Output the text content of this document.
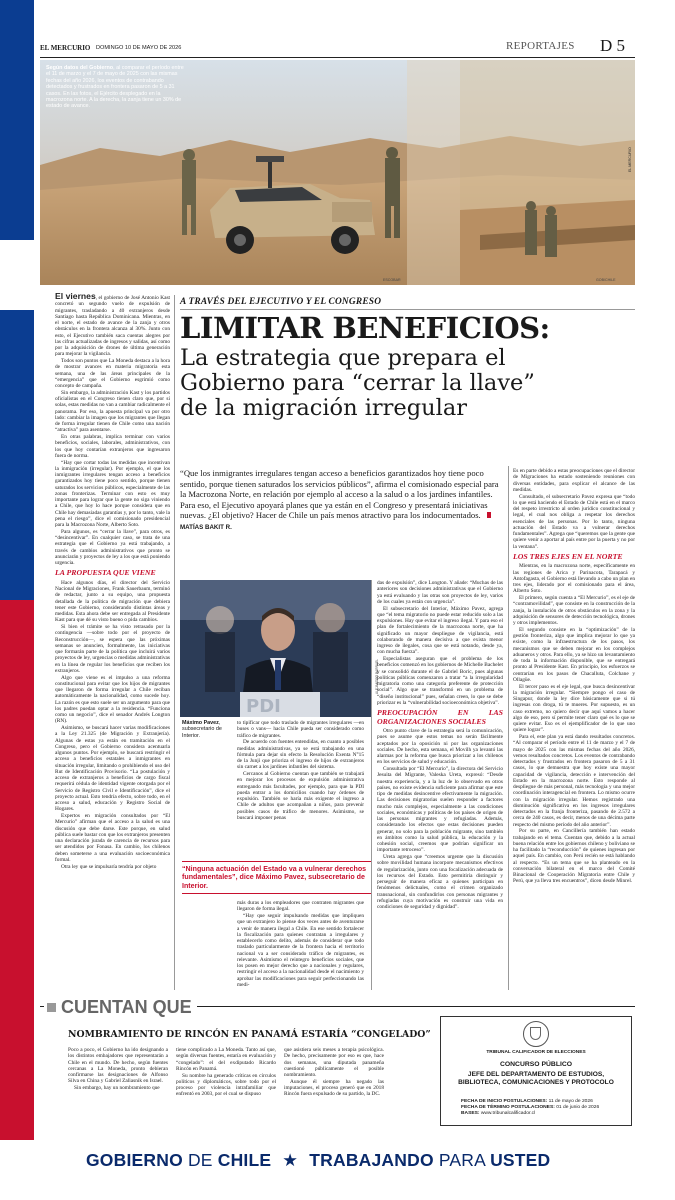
★
EL MERCURIO DOMINGO 10 DE MAYO DE 2026	REPORTAJES D 5
Según datos del Gobierno, al comparar el período entre el 11 de marzo y el 7 de mayo de 2025 con las mismas fechas del año 2026, los eventos de contrabando detectados y frustrados en frontera pasaron de 5 a 31 casos. En las fotos, el Ejército desplegado en la macrozona norte. A la derecha, la zanja tiene un 30% de estado de avance.
EL MERCURIO
ESCOBAR	GOB/CHILE

El viernes, el gobierno de José Antonio Kast concretó un segundo vuelo de expulsión de migrantes, trasladando a 40 extranjeros desde Santiago hasta República Dominicana. Mientras, en el norte, el estado de avance de la zanja y otros obstáculos en la frontera alcanza al 30%. Junto con esto, el Ejecutivo también saca cuentas alegres por las cifras actualizadas de ingresos y salidas, así como por la adquisición de drones de última generación para mejorar la vigilancia.

Todos son puntos que La Moneda destaca a la hora de mostrar avances en materia migratoria esta semana, una de las áreas principales de la “emergencia” que el Gobierno esgrimió como concepto de campaña.

Sin embargo, la administración Kast y los partidos oficialistas en el Congreso tienen claro que, por sí solas, estas medidas no van a cambiar radicalmente el panorama. Por eso, la apuesta principal va por otro lado: cambiar la imagen que los migrantes que llegan de forma irregular tienen de Chile como una nación “atractiva” para asentarse.

En otras palabras, implica terminar con varios beneficios, sociales, laborales, administrativos, con los que hoy contarían extranjeros que ingresaron fuera de norma.

“Hay que cortar todas las medidas que incentivan la inmigración (irregular). Por ejemplo, el que los inmigrantes irregulares tengan acceso a beneficios garantizados hoy tiene poco sentido, porque tienen saturados los servicios públicos, especialmente de las zonas fronterizas. Terminar con esto es muy importante para lograr que la gente no siga viniendo a Chile, que hoy lo hace porque considera que en Chile hay demasiadas garantías y, por lo tanto, vale la pena el riesgo”, dice el comisionado presidencial para la Macrozona Norte, Alberto Soto.

Para algunos, es “cerrar la llave”, para otros, es “desincentivar”. En cualquier caso, se trata de una estrategia que el Gobierno ya está trabajando, a través de cambios administrativos que pronto se anunciarán y proyectos de ley a los que está poniendo urgencia.

LA PROPUESTA QUE VIENE

Hace algunos días, el director del Servicio Nacional de Migraciones, Frank Sauerbaum, terminó de redactar, junto a su equipo, una propuesta detallada de la política de migración que debiera tener este Gobierno, considerando distintas áreas y medidas. Esta ahora debe ser entregada al Presidente Kast para que dé su visto bueno o pida cambios.

Si bien el trámite se ha visto retrasado por la contingencia —sobre todo por el proyecto de Reconstrucción—, se espera que las próximas semanas se anuncien, formalmente, las iniciativas que formarán parte de la política que incluirá varios proyectos de ley, urgencias o medidas administrativas en la línea de regular los beneficios que reciben los extranjeros.

Algo que viene es el impulso a una reforma constitucional para evitar que los hijos de migrantes que llegaron de forma irregular a Chile reciban automáticamente la nacionalidad, como sucede hoy. La razón es que esto suele ser un argumento para que los padres puedan optar a la residencia. “Funciona como un negocio”, dice el senador Andrés Longton (RN).

Asimismo, se buscará hacer varias modificaciones a la Ley 21.325 (de Migración y Extranjería). Algunas de estas ya están en tramitación en el Congreso, pero el Gobierno considera acentuarla algunos puntos. Por ejemplo, se buscará restringir el acceso a beneficios estatales a inmigrantes en situación irregular, limitando o prohibiendo el uso del Rut de Identificación Provisorio. “La postulación y acceso de extranjeros a beneficios de cargo fiscal requerirá cédula de identidad vigente otorgada por el Servicio de Registro Civil e Identificación”, dice el proyecto actual. Esto tendría efecto, sobre todo, en el acceso a salud, educación y Registro Social de Hogares.

Expertos en migración consultados por “El Mercurio” afirman que el acceso a la salud es una discusión que debe darse. Este porque, en salud pública suele bastar con que los extranjeros presenten una declaración jurada de carencia de recursos para ser atendidos por Fonasa. En cambio, los chilenos deben someterse a una evaluación socioeconómica formal.

Otra ley que se impulsaría tendría por objeto

A TRAVÉS DEL EJECUTIVO Y EL CONGRESO
LIMITAR BENEFICIOS:
La estrategia que prepara el
Gobierno para “cerrar la llave”
de la migración irregular
“Que los inmigrantes irregulares tengan acceso a beneficios garantizados hoy tiene poco sentido, porque tienen saturados los servicios públicos”, afirma el comisionado especial para la Macrozona Norte, en relación por ejemplo al acceso a la salud o a los jardines infantiles. Para eso, el Ejecutivo apoyará planes que ya están en el Congreso y presentará iniciativas nuevas. ¿El objetivo? Hacer de Chile un país menos atractivo para los indocumentados. MATÍAS BAKIT R.
PDI
ALEJANDRO BARRUEL
Máximo Pavez, subsecretario de Interior.

to tipificar que todo traslado de migrantes irregulares —en buses o vans— hacia Chile pueda ser considerado como tráfico de migrantes.

De acuerdo con fuentes entendidas, en cuanto a posibles medidas administrativas, ya se está trabajando en una fórmula para dejar sin efecto la Resolución Exenta N°15 de la Junji que prioriza el ingreso de hijos de extranjeros sin carnet a los jardines infantiles del sistema.

Cercanos al Gobierno cuentan que también se trabajará en mejorar los procesos de expulsión administrativa entregando más facultades, por ejemplo, para que la PDI pueda entrar a los domicilios cuando hay órdenes de expulsión. También se haría más exigente el ingreso a Chile de adultos que acompañan a niños, para prevenir posibles casos de tráfico de menores. Asimismo, se buscará imponer penas

“Ninguna actuación del Estado va a vulnerar derechos fundamentales”, dice Máximo Pavez, subsecretario de Interior.

más duras a los empleadores que contraten migrantes que llegaron de forma ilegal.

“Hay que seguir impulsando medidas que impliquen que un extranjero lo piense dos veces antes de aventurarse a venir de manera ilegal a Chile. En ese sentido fortalecer la fiscalización para quienes contratan a irregulares y establecerlo como delito, además de considerar que todo traslado particularmente de la frontera hacia el territorio nacional va a ser considerado tráfico de migrantes, es relevante. Asimismo el reintegro beneficios sociales, que los posen en mejor derecho que a nacionales y regulares, restringir el acceso a la nacionalidad desde el nacimiento y aprobar las modificaciones para seguir perfeccionando las medi-

das de expulsión”, dice Longton. Y añade: “Muchas de las anteriores son decisiones administrativas que el Gobierno ya está evaluando y las otras son proyectos de ley, varios de los cuales ya están con urgencia”.

El subsecretario del Interior, Máximo Pavez, agrega que “el tema migratorio no puede estar reducido solo a las expulsiones. Hay que evitar el ingreso ilegal. Y para eso el plan de fortalecimiento de la macrozona norte, que ha significado un mayor despliegue de vigilancia, está colaborando de manera decisiva a que exista menor ingreso de ilegales, cosa que se está notando, desde ya, con mucha fuerza”.

Especialistas aseguran que el problema de los beneficios comenzó en los gobiernos de Michelle Bachelet y se consolidó durante el de Gabriel Boric, pues algunas políticas públicas comenzaron a tratar “a la irregularidad migratoria como una categoría preferente de protección social”. Algo que se transformó en un problema de “diseño institucional” pues, señalan creen, lo que se debe priorizar es la “vulnerabilidad socioeconómica objetiva”.

PREOCUPACIÓN EN LAS ORGANIZACIONES SOCIALES

Otro punto clave de la estrategia será la comunicación, pues se asume que estos temas no serán fácilmente aceptados por la oposición ni por las organizaciones sociales. De hecho, esta semana, el Movilh ya levantó las alarmas por la reforma que busca priorizar a los chilenos en los servicios de salud y educación.

Consultada por “El Mercurio”, la directora del Servicio Jesuita del Migrante, Valeska Ureta, expresó: “Desde nuestra experiencia, y a la luz de lo observado en otros países, no existe evidencia suficiente para afirmar que este tipo de medidas desincentive efectivamente la migración. Las decisiones migratorias suelen responder a factores mucho más complejos, especialmente a las condiciones sociales, económicas y políticas de los países de origen de las personas migrantes y refugiadas. Además, considerando los efectos que estas decisiones pueden generar, no solo para la población migrante, sino también en ámbitos como la salud pública, la educación y la cohesión social, creemos que podrían significar un importante retroceso”.

Ureta agrega que “creemos urgente que la discusión sobre movilidad humana incorpore mecanismos efectivos de regularización, junto con una focalización adecuada de los recursos del Estado. Esto permitiría distinguir y perseguir de manera eficaz a quienes participan en fenómenos delictuales, como el crimen organizado transnacional, sin confundirlos con personas migrantes y refugiadas cuya motivación es construir una vida en condiciones de seguridad y dignidad”.

Es en parte debido a estas preocupaciones que el director de Migraciones ha estado sosteniendo reuniones con diversas entidades, para explicar el alcance de las medidas.

Consultado, el subsecretario Pavez expresa que “todo lo que está haciendo el Estado de Chile está en el marco del respeto irrestricto al orden jurídico constitucional y legal, el cual nos obliga a respetar los derechos esenciales de las personas. Por lo tanto, ninguna actuación del Estado va a vulnerar derechos fundamentales”. Agrega que “queremos que la gente que quiere venir a aportar al país entre por la puerta y no por la ventana”.

LOS TRES EJES EN EL NORTE

Mientras, en la macrozona norte, específicamente en las regiones de Arica y Parinacota, Tarapacá y Antofagasta, el Gobierno está llevando a cabo un plan en tres ejes, liderado por el comisionado para el área, Alberto Soto.

El primero, según cuenta a “El Mercurio”, es el eje de “contramovilidad”, que consiste en la construcción de la zanja, la instalación de otros obstáculos en la zona y la adquisición de sensores de detección tecnológica, drones y otros implementos.

El segundo consiste en la “optimización” de la gestión fronteriza, algo que implica mejorar lo que ya existe, como la infraestructura de los pasos, los mecanismos que se deben mejorar en los complejos aduaneros y otros. Para ello, ya se hizo un levantamiento de toda la información disponible, que se entregará pronto al Presidente Kast. En principio, los esfuerzos se centrarían en los pasos de Chacalluta, Colchane y Ollagüe.

El tercer paso es el eje legal, que busca desincentivar la migración irregular. “Siempre pongo el caso de Singapur, donde la ley dice básicamente que si tú ingresas con droga, tú te mueres. Por supuesto, es un caso extremo, no quiero decir que aquí vamos a hacer algo de eso, pero sí permite tener claro qué es lo que se quiere evitar. Eso es el ejemplificador de lo que uno quiere lograr”.

Para el, este plan ya está dando resultados concretos. “Al comparar el período entre el 11 de marzo y el 7 de mayo de 2025 con las mismas fechas del año 2026, vemos resultados concretos. Los eventos de contrabando detectados y frustrados en frontera pasaron de 5 a 31 casos, lo que demuestra que hoy existe una mayor capacidad de vigilancia, detección e intervención del Estado en la macrozona norte. Esto responde al despliegue de más personal, más tecnología y una mejor coordinación interagencial en frontera. Lo mismo ocurre con la migración irregular. Hemos registrado una disminución significativa en los ingresos irregulares detectados en la franja fronteriza, pasando de 2.572 a cerca de 240 casos, es decir, menos de una décima parte respecto del mismo período del año anterior”.

Por su parte, en Cancillería también han estado trabajando en el tema. Cuentan que, debido a la actual buena relación entre los gobiernos chileno y boliviano se ha facilitado la “reconducción” de quienes ingresan por aquel país. En cambio, con Perú recién se está hablando al respecto. “Es un tema que se ha planteado en la conversación bilateral en el marco del Comité Binacional de Cooperación Migratoria entre Chile y Perú, que ya lleva tres encuentros”, dicen desde Minrel.

CUENTAN QUE
NOMBRAMIENTO DE RINCÓN EN PANAMÁ ESTARÍA “CONGELADO”

Poco a poco, el Gobierno ha ido designando a los distintos embajadores que representarán a Chile en el mundo. De hecho, según fuentes cercanas a La Moneda, pronto debieran confirmarse las designaciones de Alfonso Silva en China y Gabriel Zaliasnik en Israel.

Sin embargo, hay un nombramiento que

tiene complicado a La Moneda. Tanto así que, según diversas fuentes, estaría en evaluación y “congelado”: el del exdiputado Ricardo Rincón en Panamá.

Su nombre ha generado críticas en círculos políticos y diplomáticos, sobre todo por el proceso por violencia intrafamiliar que enfrentó en 2003, por el cual se dispuso

que asistiera seis meses a terapia psicológica. De hecho, precisamente por eso es que, hace dos semanas, una diputada panameña cuestionó públicamente el posible nombramiento.

Aunque él siempre ha negado las imputaciones, el proceso generó que en 2018 Rincón fuera expulsado de su partido, la DC.

TRIBUNAL CALIFICADOR DE ELECCIONES
CONCURSO PÚBLICO
JEFE DEL DEPARTAMENTO DE ESTUDIOS, BIBLIOTECA, COMUNICACIONES Y PROTOCOLO
FECHA DE INICIO POSTULACIONES: 11 de mayo de 2026
FECHA DE TÉRMINO POSTULACIONES: 01 de junio de 2026
BASES: www.tribunalcalificador.cl
GOBIERNO DE CHILE ★ TRABAJANDO PARA USTED
